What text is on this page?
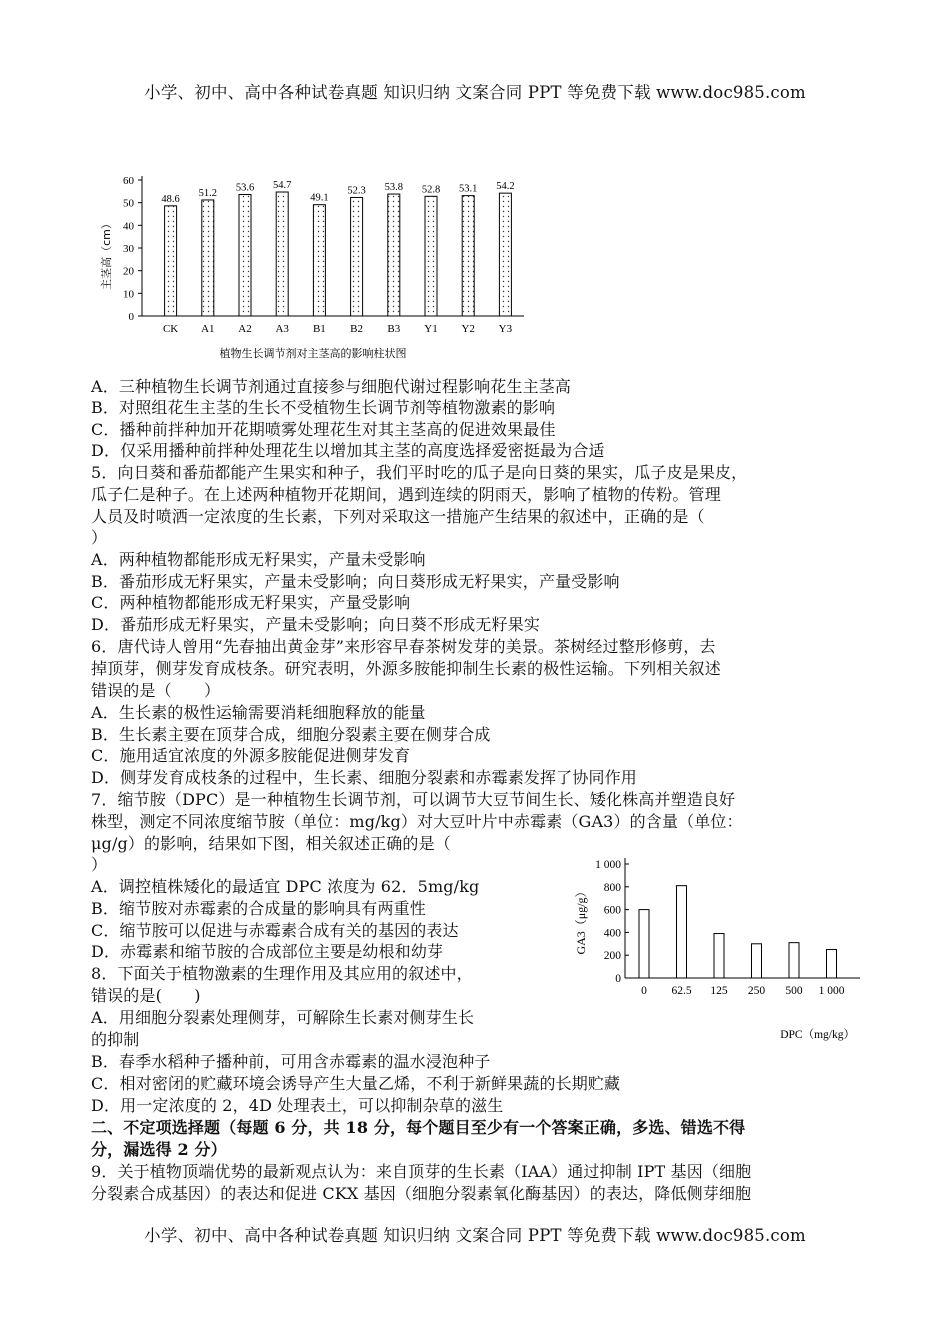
小学、初中、高中各种试卷真题 知识归纳 文案合同 PPT 等免费下载 www.doc985.com
0
10
20
30
40
50
60
48.6
CK
51.2
A1
53.6
A2
54.7
A3
49.1
B1
52.3
B2
53.8
B3
52.8
Y1
53.1
Y2
54.2
Y3
主茎高（cm）
植物生长调节剂对主茎高的影响柱状图
0
200
400
600
800
1 000
0 62.5 125 250 500 1 000
GA3（μg/g）
DPC（mg/kg）
A．三种植物生长调节剂通过直接参与细胞代谢过程影响花生主茎高
B．对照组花生主茎的生长不受植物生长调节剂等植物激素的影响
C．播种前拌种加开花期喷雾处理花生对其主茎高的促进效果最佳
D．仅采用播种前拌种处理花生以增加其主茎的高度选择爱密挺最为合适
5．向日葵和番茄都能产生果实和种子，我们平时吃的瓜子是向日葵的果实，瓜子皮是果皮，
瓜子仁是种子。在上述两种植物开花期间，遇到连续的阴雨天，影响了植物的传粉。管理
人员及时喷洒一定浓度的生长素，下列对采取这一措施产生结果的叙述中，正确的是（
）
A．两种植物都能形成无籽果实，产量未受影响
B．番茄形成无籽果实，产量未受影响；向日葵形成无籽果实，产量受影响
C．两种植物都能形成无籽果实，产量受影响
D．番茄形成无籽果实，产量未受影响；向日葵不形成无籽果实
6．唐代诗人曾用“先春抽出黄金芽”来形容早春茶树发芽的美景。茶树经过整形修剪，去
掉顶芽，侧芽发育成枝条。研究表明，外源多胺能抑制生长素的极性运输。下列相关叙述
错误的是（　　）
A．生长素的极性运输需要消耗细胞释放的能量
B．生长素主要在顶芽合成，细胞分裂素主要在侧芽合成
C．施用适宜浓度的外源多胺能促进侧芽发育
D．侧芽发育成枝条的过程中，生长素、细胞分裂素和赤霉素发挥了协同作用
7．缩节胺（DPC）是一种植物生长调节剂，可以调节大豆节间生长、矮化株高并塑造良好
株型，测定不同浓度缩节胺（单位：mg/kg）对大豆叶片中赤霉素（GA3）的含量（单位：
μg/g）的影响，结果如下图，相关叙述正确的是（
）
A．调控植株矮化的最适宜 DPC 浓度为 62．5mg/kg
B．缩节胺对赤霉素的合成量的影响具有两重性
C．缩节胺可以促进与赤霉素合成有关的基因的表达
D．赤霉素和缩节胺的合成部位主要是幼根和幼芽
8．下面关于植物激素的生理作用及其应用的叙述中，
错误的是(　　)
A．用细胞分裂素处理侧芽，可解除生长素对侧芽生长
的抑制
B．春季水稻种子播种前，可用含赤霉素的温水浸泡种子
C．相对密闭的贮藏环境会诱导产生大量乙烯，不利于新鲜果蔬的长期贮藏
D．用一定浓度的 2，4D 处理表土，可以抑制杂草的滋生
二、不定项选择题（每题 6 分，共 18 分，每个题目至少有一个答案正确，多选、错选不得
分，漏选得 2 分）
9．关于植物顶端优势的最新观点认为：来自顶芽的生长素（IAA）通过抑制 IPT 基因（细胞
分裂素合成基因）的表达和促进 CKX 基因（细胞分裂素氧化酶基因）的表达，降低侧芽细胞
小学、初中、高中各种试卷真题 知识归纳 文案合同 PPT 等免费下载 www.doc985.com
